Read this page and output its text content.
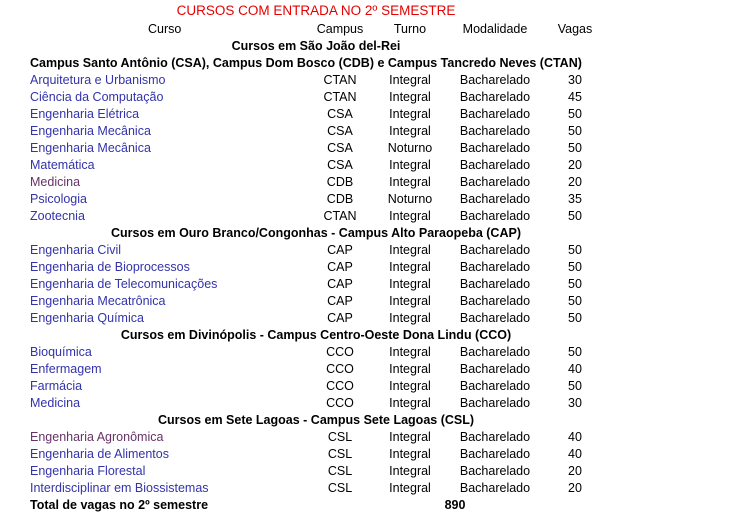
CURSOS COM ENTRADA NO 2º SEMESTRE
Curso	Campus	Turno	Modalidade	Vagas
Cursos em São João del-Rei
Campus Santo Antônio (CSA), Campus Dom Bosco (CDB) e Campus Tancredo Neves (CTAN)
Arquitetura e Urbanismo	CTAN	Integral	Bacharelado	30
Ciência da Computação	CTAN	Integral	Bacharelado	45
Engenharia Elétrica	CSA	Integral	Bacharelado	50
Engenharia Mecânica	CSA	Integral	Bacharelado	50
Engenharia Mecânica	CSA	Noturno	Bacharelado	50
Matemática	CSA	Integral	Bacharelado	20
Medicina	CDB	Integral	Bacharelado	20
Psicologia	CDB	Noturno	Bacharelado	35
Zootecnia	CTAN	Integral	Bacharelado	50
Cursos em Ouro Branco/Congonhas - Campus Alto Paraopeba (CAP)
Engenharia Civil	CAP	Integral	Bacharelado	50
Engenharia de Bioprocessos	CAP	Integral	Bacharelado	50
Engenharia de Telecomunicações	CAP	Integral	Bacharelado	50
Engenharia Mecatrônica	CAP	Integral	Bacharelado	50
Engenharia Química	CAP	Integral	Bacharelado	50
Cursos em Divinópolis - Campus Centro-Oeste Dona Lindu (CCO)
Bioquímica	CCO	Integral	Bacharelado	50
Enfermagem	CCO	Integral	Bacharelado	40
Farmácia	CCO	Integral	Bacharelado	50
Medicina	CCO	Integral	Bacharelado	30
Cursos em Sete Lagoas - Campus Sete Lagoas (CSL)
Engenharia Agronômica	CSL	Integral	Bacharelado	40
Engenharia de Alimentos	CSL	Integral	Bacharelado	40
Engenharia Florestal	CSL	Integral	Bacharelado	20
Interdisciplinar em Biossistemas	CSL	Integral	Bacharelado	20
Total de vagas no 2º semestre	890
